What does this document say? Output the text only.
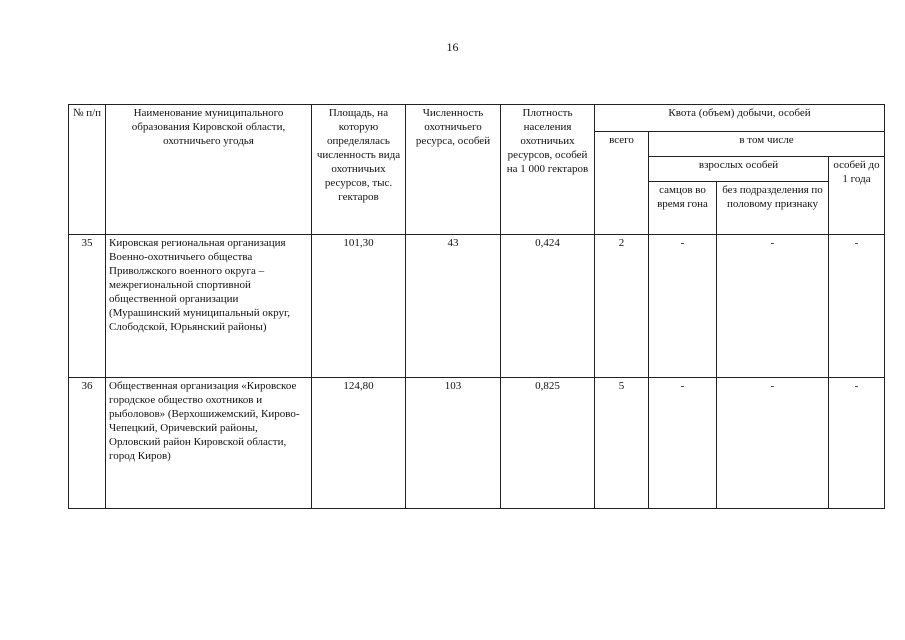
16
№ п/п	Наименование муниципального образования Кировской области, охотничьего угодья	Площадь, на которую определялась численность вида охотничьих ресурсов, тыс. гектаров	Численность охотничьего ресурса, особей	Плотность населения охотничьих ресурсов, особей на 1 000 гектаров	Квота (объем) добычи, особей			
					всего	в том числе		
						взрослых особей		особей до 1 года
						самцов во время гона	без подразделения по половому признаку	
35	Кировская региональная организация Военно-охотничьего общества Приволжского военного округа – межрегиональной спортивной общественной организации (Мурашинский муниципальный округ, Слободской, Юрьянский районы)	101,30	43	0,424	2	-	-	-
36	Общественная организация «Кировское городское общество охотников и рыболовов» (Верхошижемский, Кирово-Чепецкий, Оричевский районы, Орловский район Кировской области, город Киров)	124,80	103	0,825	5	-	-	-
